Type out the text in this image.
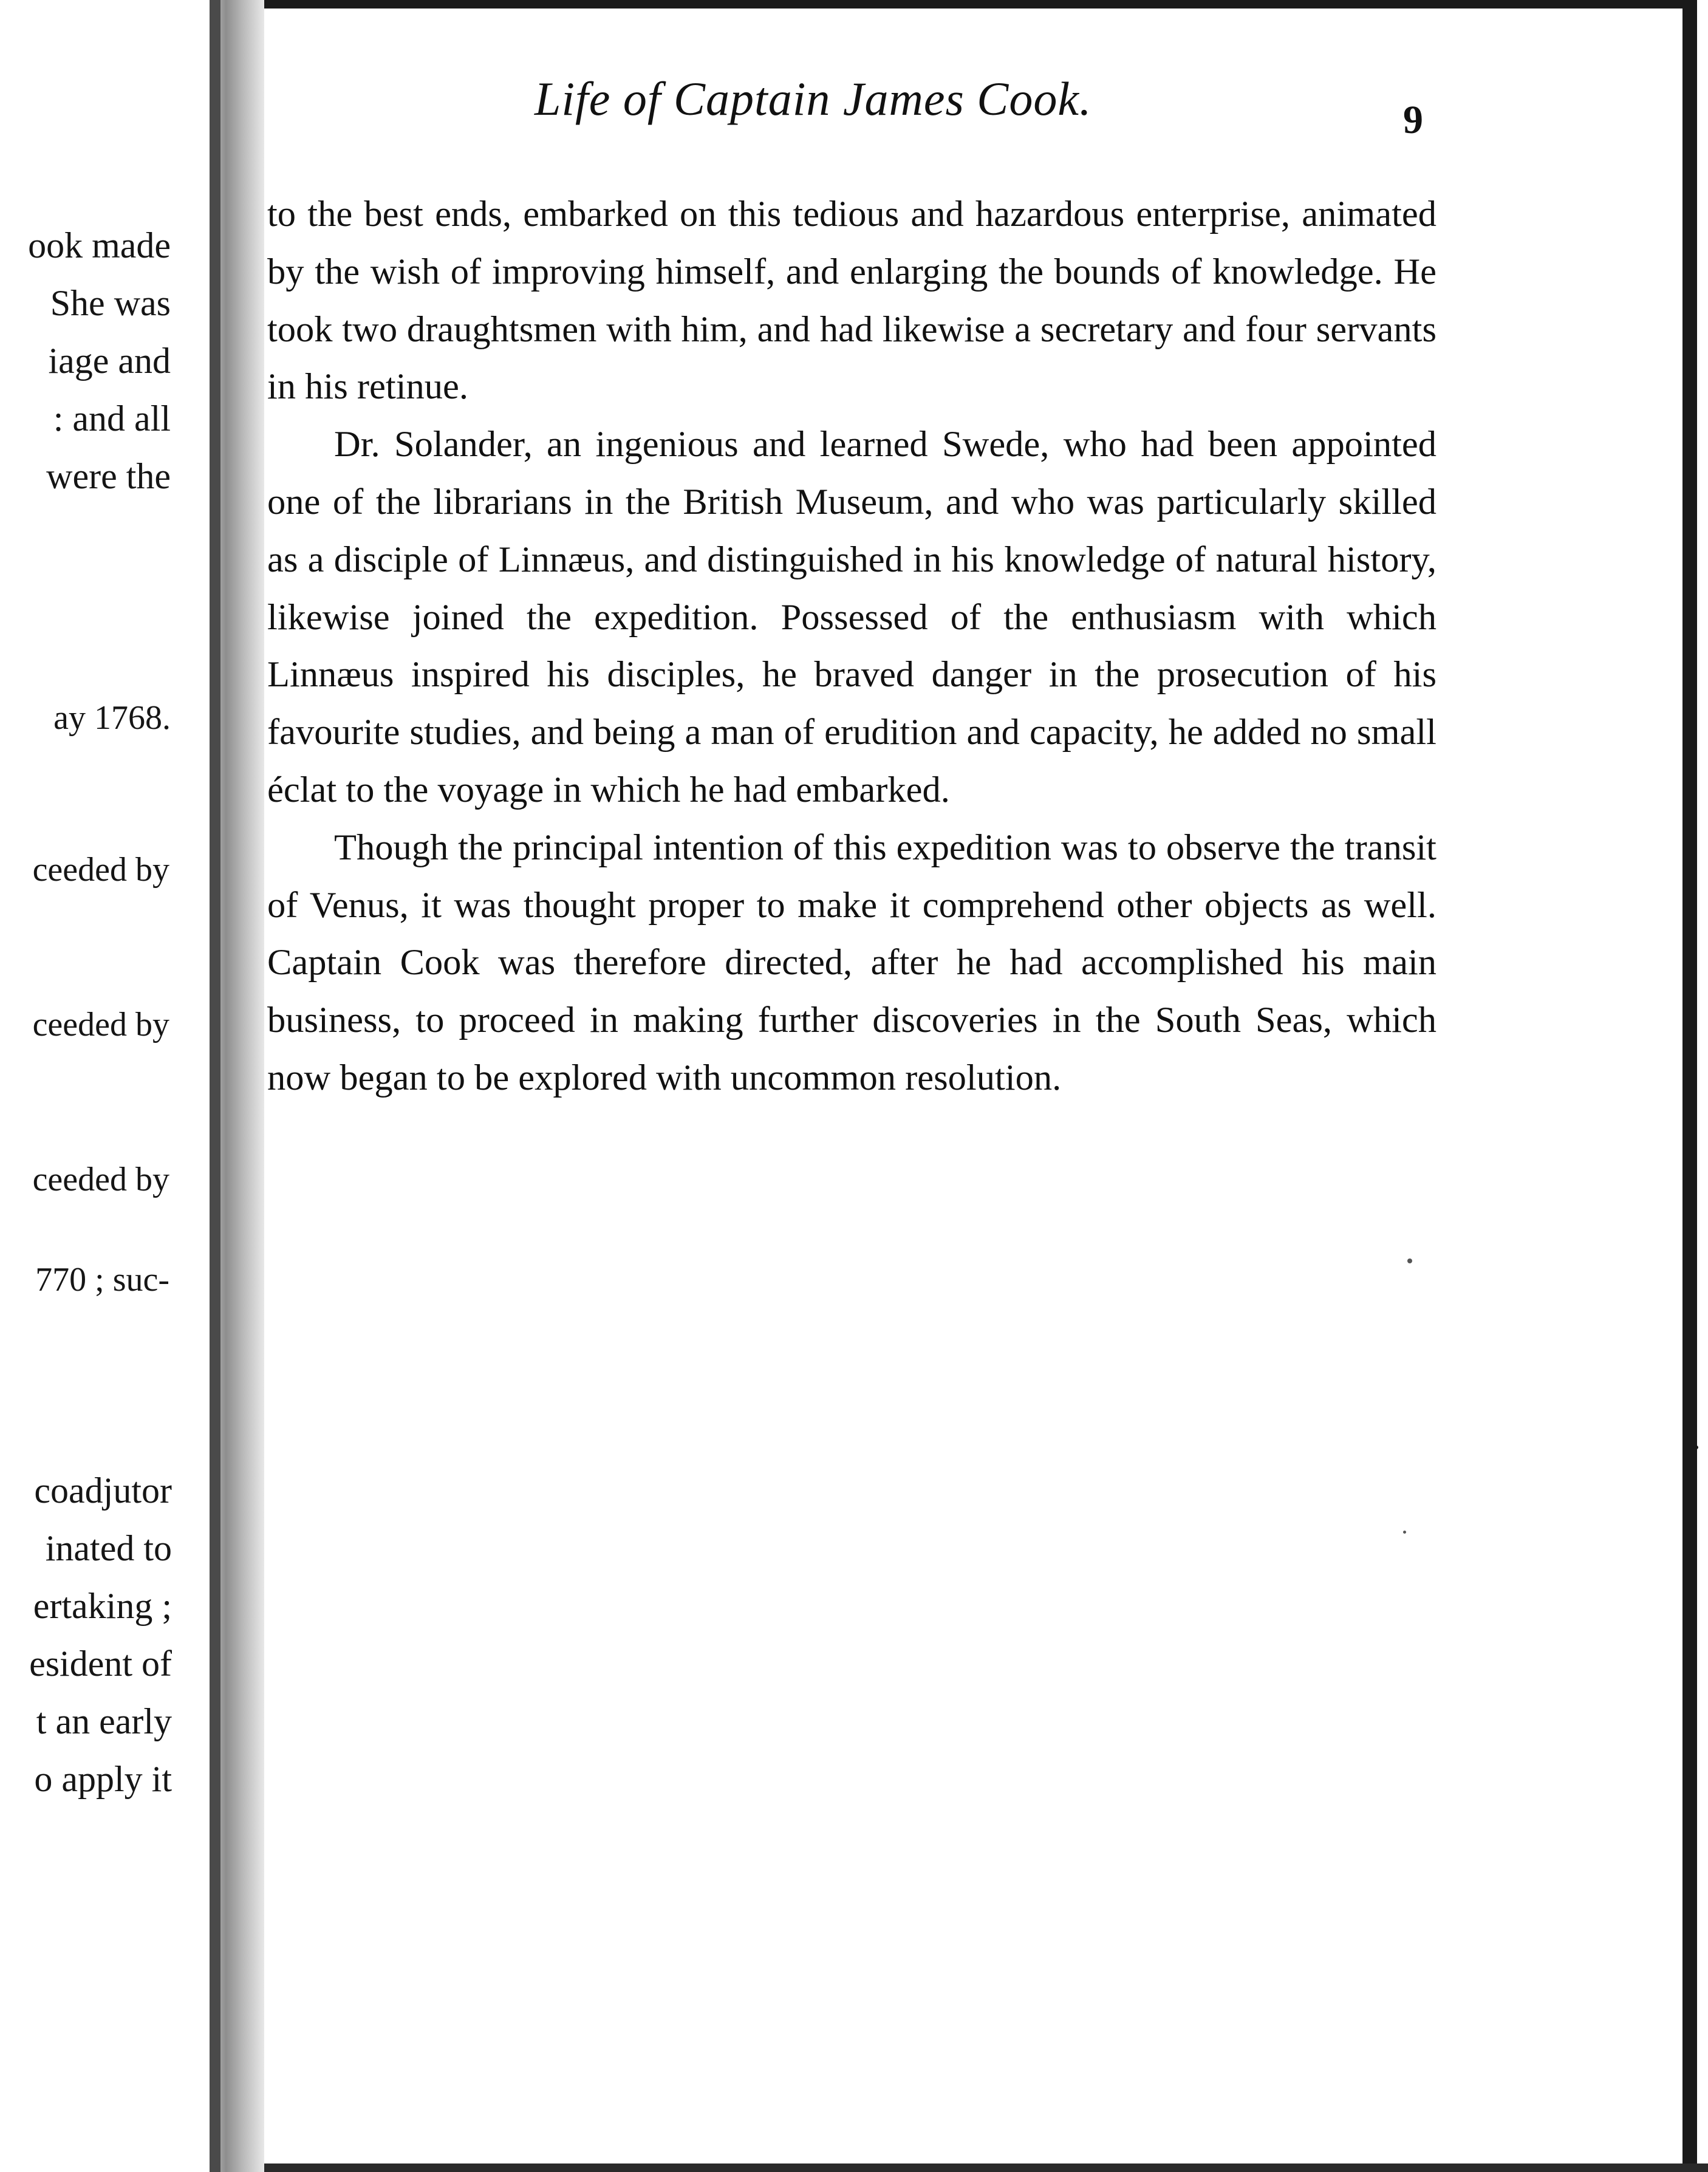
ook made
She was
iage and
: and all
were the
ay 1768.
ceeded by
ceeded by
ceeded by
770 ; suc-
coadjutor
inated to
ertaking ;
esident of
t an early
o apply it
Life of Captain James Cook.	9

to the best ends, embarked on this tedious and hazardous enterprise, animated by the wish of improving himself, and enlarging the bounds of knowledge. He took two draughtsmen with him, and had likewise a secretary and four servants in his retinue.

Dr. Solander, an ingenious and learned Swede, who had been appointed one of the librarians in the British Museum, and who was particularly skilled as a disciple of Linnæus, and distinguished in his knowledge of natural history, likewise joined the expedition. Possessed of the enthusiasm with which Linnæus inspired his disciples, he braved danger in the prosecution of his favourite studies, and being a man of erudition and capacity, he added no small éclat to the voyage in which he had embarked.

Though the principal intention of this expedition was to observe the transit of Venus, it was thought proper to make it comprehend other objects as well. Captain Cook was therefore directed, after he had accomplished his main business, to proceed in making further discoveries in the South Seas, which now began to be explored with uncommon resolution.
